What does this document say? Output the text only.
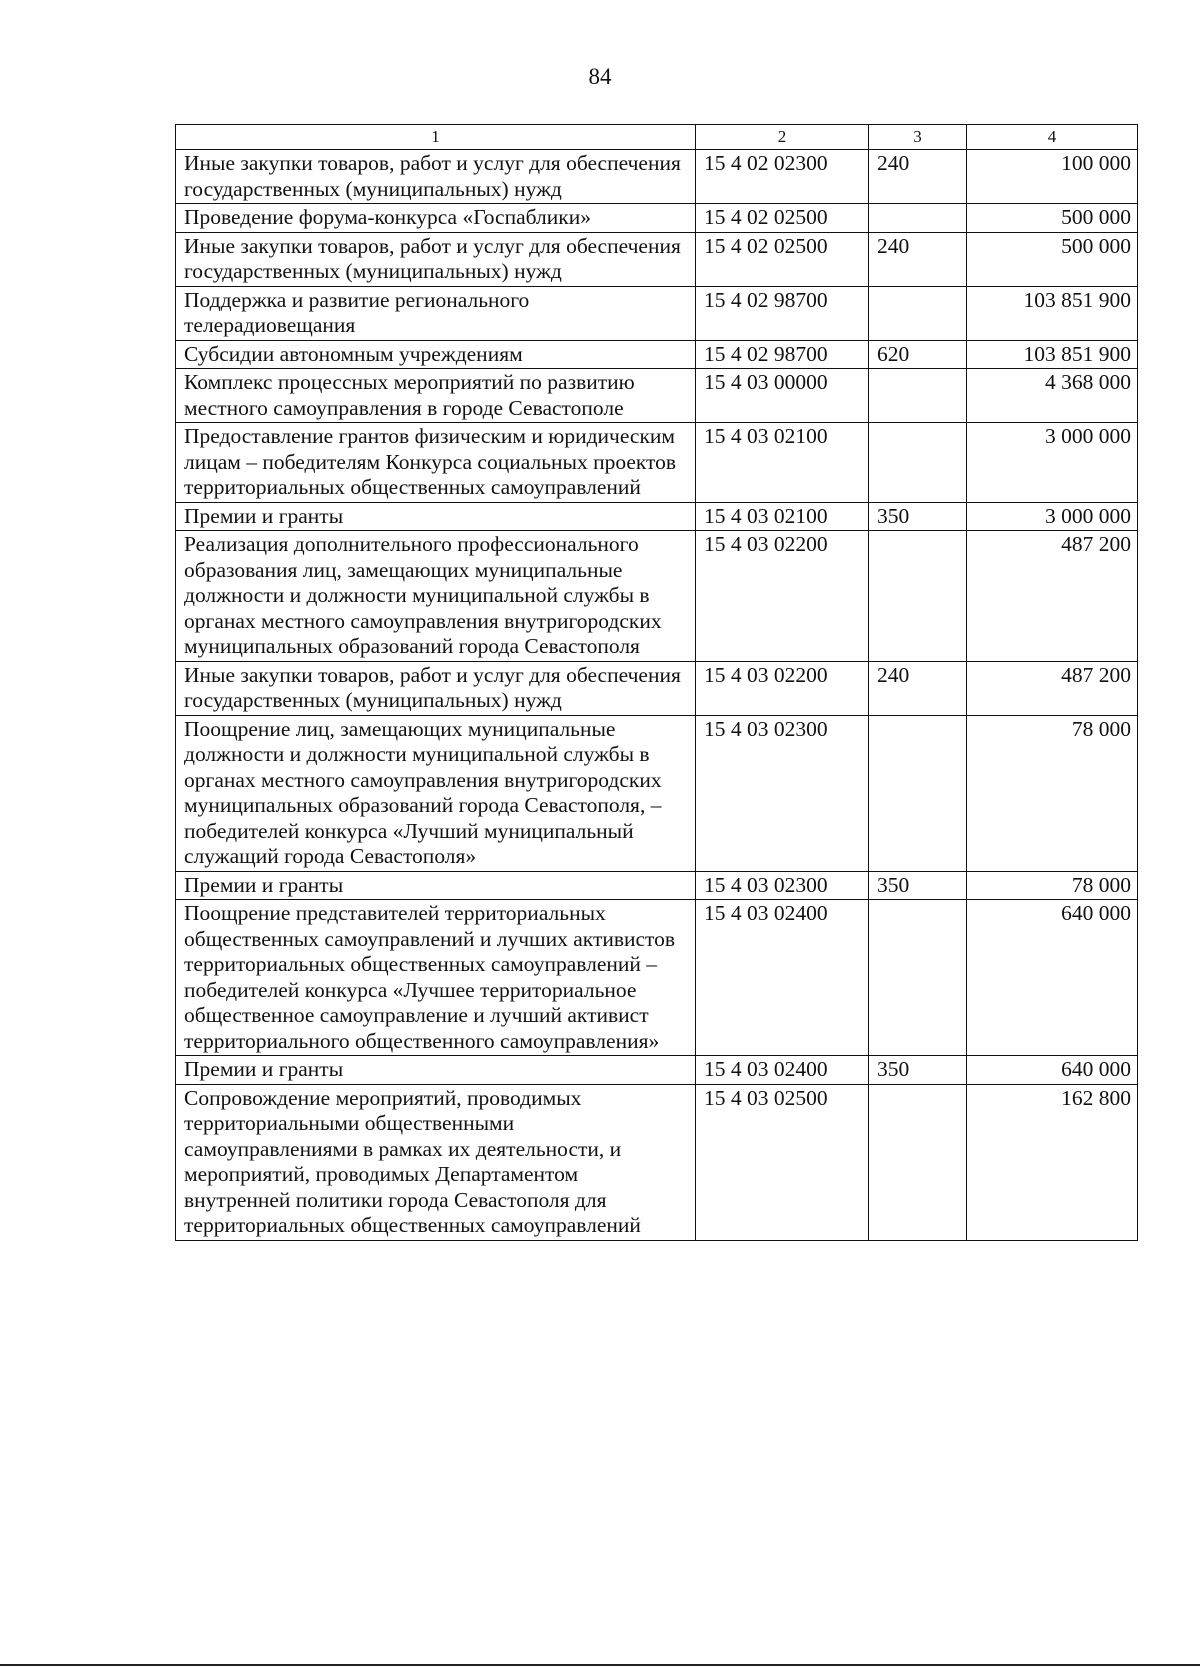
84
1	2	3	4
Иные закупки товаров, работ и услуг для обеспечения государственных (муниципальных) нужд	15 4 02 02300	240	100 000
Проведение форума-конкурса «Госпаблики»	15 4 02 02500		500 000
Иные закупки товаров, работ и услуг для обеспечения государственных (муниципальных) нужд	15 4 02 02500	240	500 000
Поддержка и развитие регионального телерадиовещания	15 4 02 98700		103 851 900
Субсидии автономным учреждениям	15 4 02 98700	620	103 851 900
Комплекс процессных мероприятий по развитию местного самоуправления в городе Севастополе	15 4 03 00000		4 368 000
Предоставление грантов физическим и юридическим лицам – победителям Конкурса социальных проектов территориальных общественных самоуправлений	15 4 03 02100		3 000 000
Премии и гранты	15 4 03 02100	350	3 000 000
Реализация дополнительного профессионального образования лиц, замещающих муниципальные должности и должности муниципальной службы в органах местного самоуправления внутригородских муниципальных образований города Севастополя	15 4 03 02200		487 200
Иные закупки товаров, работ и услуг для обеспечения государственных (муниципальных) нужд	15 4 03 02200	240	487 200
Поощрение лиц, замещающих муниципальные должности и должности муниципальной службы в органах местного самоуправления внутригородских муниципальных образований города Севастополя, – победителей конкурса «Лучший муниципальный служащий города Севастополя»	15 4 03 02300		78 000
Премии и гранты	15 4 03 02300	350	78 000
Поощрение представителей территориальных общественных самоуправлений и лучших активистов территориальных общественных самоуправлений – победителей конкурса «Лучшее территориальное общественное самоуправление и лучший активист территориального общественного самоуправления»	15 4 03 02400		640 000
Премии и гранты	15 4 03 02400	350	640 000
Сопровождение мероприятий, проводимых территориальными общественными самоуправлениями в рамках их деятельности, и мероприятий, проводимых Департаментом внутренней политики города Севастополя для территориальных общественных самоуправлений	15 4 03 02500		162 800
